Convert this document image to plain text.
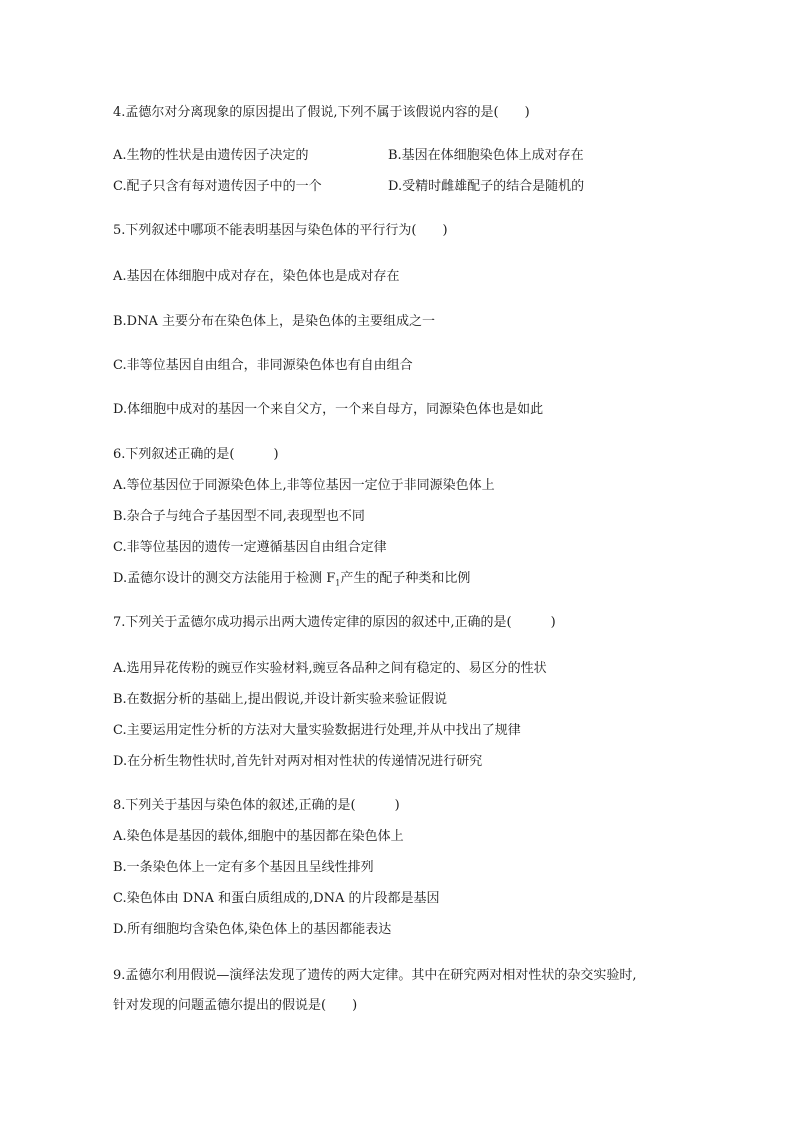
4.孟德尔对分离现象的原因提出了假说,下列不属于该假说内容的是(　　)
A.生物的性状是由遗传因子决定的	B.基因在体细胞染色体上成对存在
C.配子只含有每对遗传因子中的一个	D.受精时雌雄配子的结合是随机的
5.下列叙述中哪项不能表明基因与染色体的平行行为(　　)
A.基因在体细胞中成对存在，染色体也是成对存在
B.DNA 主要分布在染色体上，是染色体的主要组成之一
C.非等位基因自由组合，非同源染色体也有自由组合
D.体细胞中成对的基因一个来自父方，一个来自母方，同源染色体也是如此
6.下列叙述正确的是(　　　)
A.等位基因位于同源染色体上,非等位基因一定位于非同源染色体上
B.杂合子与纯合子基因型不同,表现型也不同
C.非等位基因的遗传一定遵循基因自由组合定律
D.孟德尔设计的测交方法能用于检测 $F_1$产生的配子种类和比例
7.下列关于孟德尔成功揭示出两大遗传定律的原因的叙述中,正确的是(　　　)
A.选用异花传粉的豌豆作实验材料,豌豆各品种之间有稳定的、易区分的性状
B.在数据分析的基础上,提出假说,并设计新实验来验证假说
C.主要运用定性分析的方法对大量实验数据进行处理,并从中找出了规律
D.在分析生物性状时,首先针对两对相对性状的传递情况进行研究
8.下列关于基因与染色体的叙述,正确的是(　　　)
A.染色体是基因的载体,细胞中的基因都在染色体上
B.一条染色体上一定有多个基因且呈线性排列
C.染色体由 DNA 和蛋白质组成的,DNA 的片段都是基因
D.所有细胞均含染色体,染色体上的基因都能表达
9.孟德尔利用假说—演绎法发现了遗传的两大定律。其中在研究两对相对性状的杂交实验时,
针对发现的问题孟德尔提出的假说是(　　)
